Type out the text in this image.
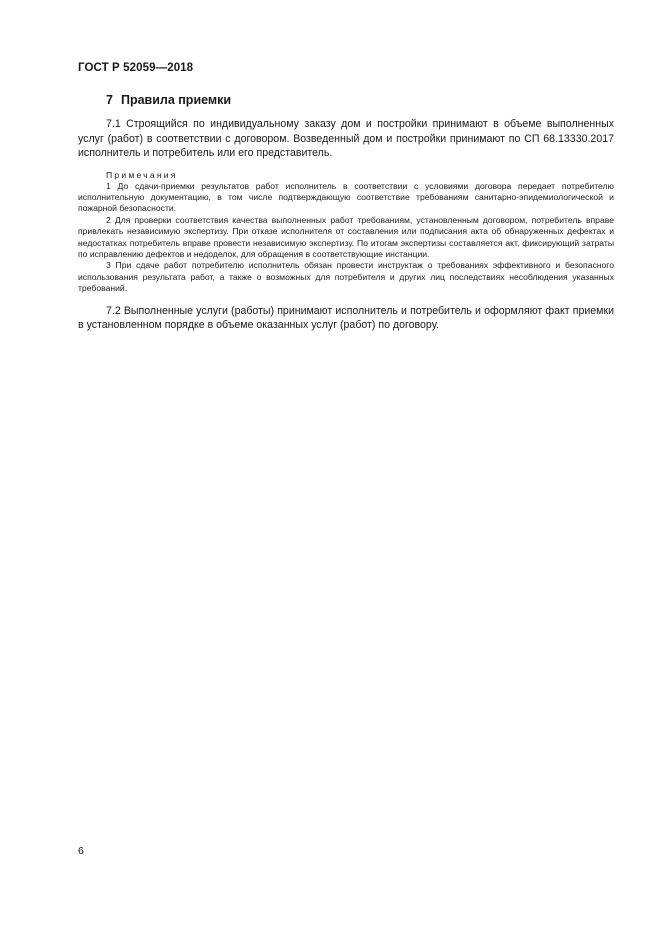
ГОСТ Р 52059—2018
7 Правила приемки

7.1 Строящийся по индивидуальному заказу дом и постройки принимают в объеме выполненных услуг (работ) в соответствии с договором. Возведенный дом и постройки принимают по СП 68.13330.2017 исполнитель и потребитель или его представитель.

Примечания

1 До сдачи-приемки результатов работ исполнитель в соответствии с условиями договора передает потребителю исполнительную документацию, в том числе подтверждающую соответствие требованиям санитарно-эпидемиологической и пожарной безопасности.

2 Для проверки соответствия качества выполненных работ требованиям, установленным договором, потребитель вправе привлекать независимую экспертизу. При отказе исполнителя от составления или подписания акта об обнаруженных дефектах и недостатках потребитель вправе провести независимую экспертизу. По итогам экспертизы составляется акт, фиксирующий затраты по исправлению дефектов и недоделок, для обращения в соответствующие инстанции.

3 При сдаче работ потребителю исполнитель обязан провести инструктаж о требованиях эффективного и безопасного использования результата работ, а также о возможных для потребителя и других лиц последствиях несоблюдения указанных требований.

7.2 Выполненные услуги (работы) принимают исполнитель и потребитель и оформляют факт приемки в установленном порядке в объеме оказанных услуг (работ) по договору.

6
